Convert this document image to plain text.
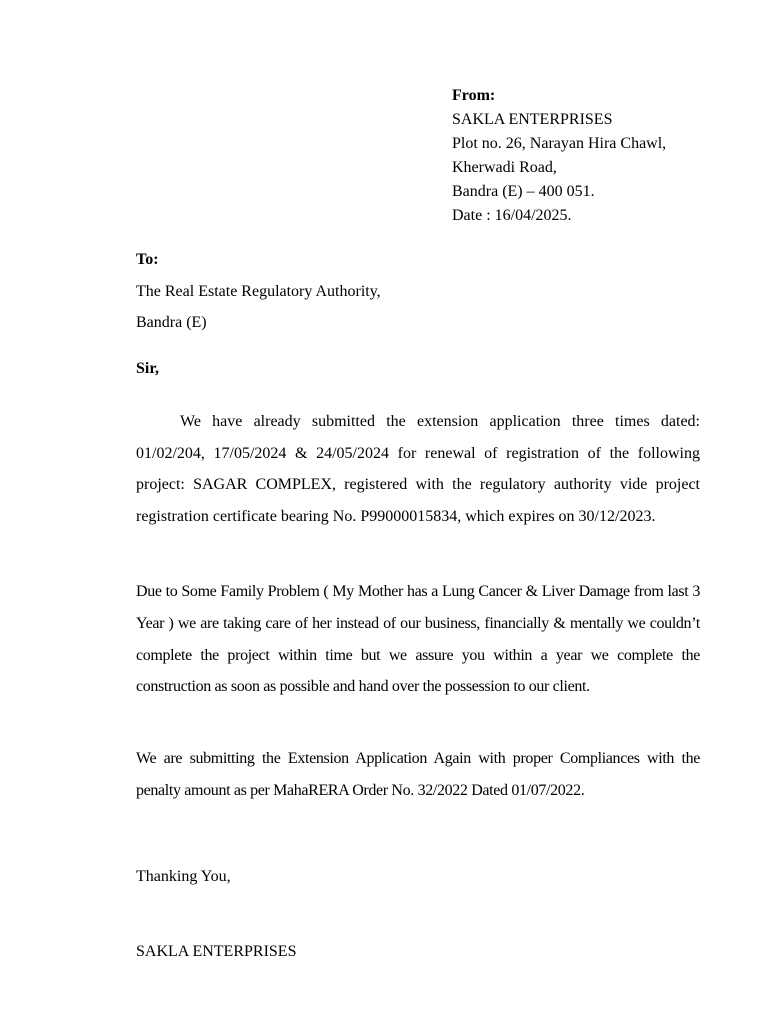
From:
SAKLA ENTERPRISES
Plot no. 26, Narayan Hira Chawl,
Kherwadi Road,
Bandra (E) – 400 051.
Date : 16/04/2025.
To:
The Real Estate Regulatory Authority,
Bandra (E)
Sir,

We have already submitted the extension application three times dated: 01/02/204, 17/05/2024 & 24/05/2024 for renewal of registration of the following project: SAGAR COMPLEX, registered with the regulatory authority vide project registration certificate bearing No. P99000015834, which expires on 30/12/2023.

Due to Some Family Problem ( My Mother has a Lung Cancer & Liver Damage from last 3 Year ) we are taking care of her instead of our business, financially & mentally we couldn’t complete the project within time but we assure you within a year we complete the construction as soon as possible and hand over the possession to our client.

We are submitting the Extension Application Again with proper Compliances with the penalty amount as per MahaRERA Order No. 32/2022 Dated 01/07/2022.

Thanking You,
SAKLA ENTERPRISES
